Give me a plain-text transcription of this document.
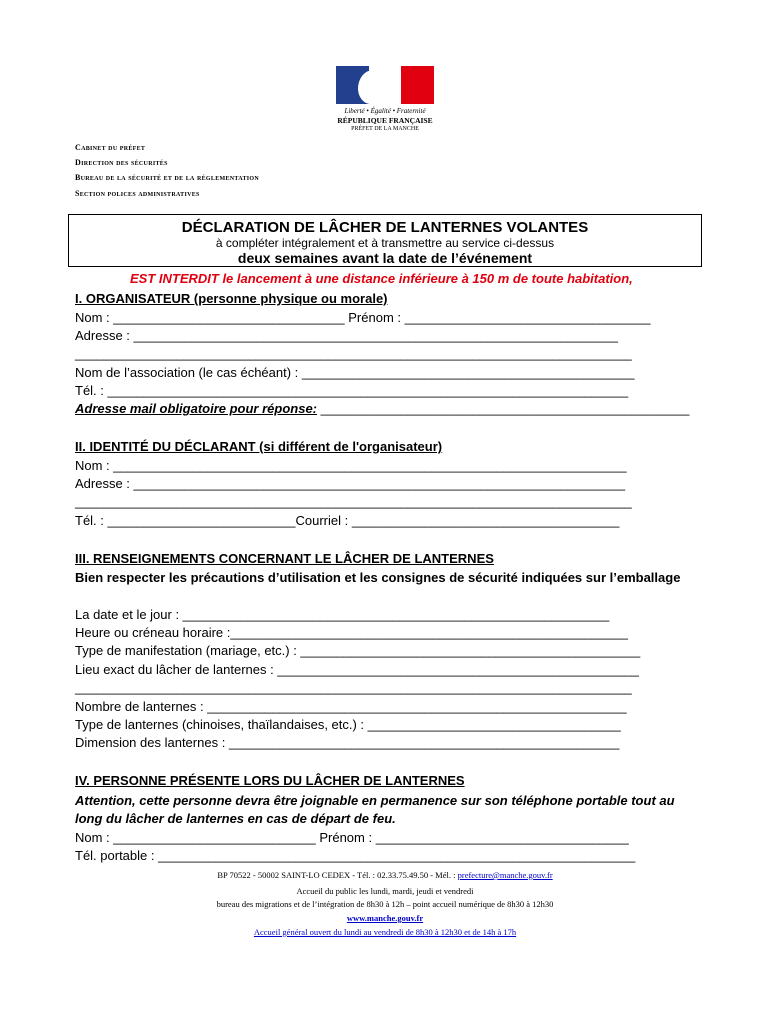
Liberté • Égalité • Fraternité
RÉPUBLIQUE FRANÇAISE
PRÉFET DE LA MANCHE
Cabinet du préfet
Direction des sécurités
Bureau de la sécurité et de la réglementation
Section polices administratives
DÉCLARATION DE LÂCHER DE LANTERNES VOLANTES
à compléter intégralement et à transmettre au service ci-dessus
deux semaines avant la date de l’événement
EST INTERDIT le lancement à une distance inférieure à 150 m de toute habitation,
I. ORGANISATEUR (personne physique ou morale)
Nom : ________________________________ Prénom : __________________________________
Adresse : ___________________________________________________________________
_____________________________________________________________________________
Nom de l’association (le cas échéant) : ______________________________________________
Tél. : ________________________________________________________________________
Adresse mail obligatoire pour réponse: ___________________________________________________
II. IDENTITÉ DU DÉCLARANT (si différent de l'organisateur)
Nom : _______________________________________________________________________
Adresse : ____________________________________________________________________
_____________________________________________________________________________
Tél. : __________________________Courriel : _____________________________________
III. RENSEIGNEMENTS CONCERNANT LE LÂCHER DE LANTERNES
Bien respecter les précautions d’utilisation et les consignes de sécurité indiquées sur l’emballage
La date et le jour : ___________________________________________________________
Heure ou créneau horaire :_______________________________________________________
Type de manifestation (mariage, etc.) : _______________________________________________
Lieu exact du lâcher de lanternes : __________________________________________________
_____________________________________________________________________________
Nombre de lanternes : __________________________________________________________
Type de lanternes (chinoises, thaïlandaises, etc.) : ___________________________________
Dimension des lanternes : ______________________________________________________
IV. PERSONNE PRÉSENTE LORS DU LÂCHER DE LANTERNES
Attention, cette personne devra être joignable en permanence sur son téléphone portable tout au long du lâcher de lanternes en cas de départ de feu.
Nom : ____________________________ Prénom : ___________________________________
Tél. portable : __________________________________________________________________
BP 70522 - 50002 SAINT-LO CEDEX - Tél. : 02.33.75.49.50 - Mél. : prefecture@manche.gouv.fr
Accueil du public les lundi, mardi, jeudi et vendredi
bureau des migrations et de l’intégration de 8h30 à 12h – point accueil numérique de 8h30 à 12h30
www.manche.gouv.fr
Accueil général ouvert du lundi au vendredi de 8h30 à 12h30 et de 14h à 17h
